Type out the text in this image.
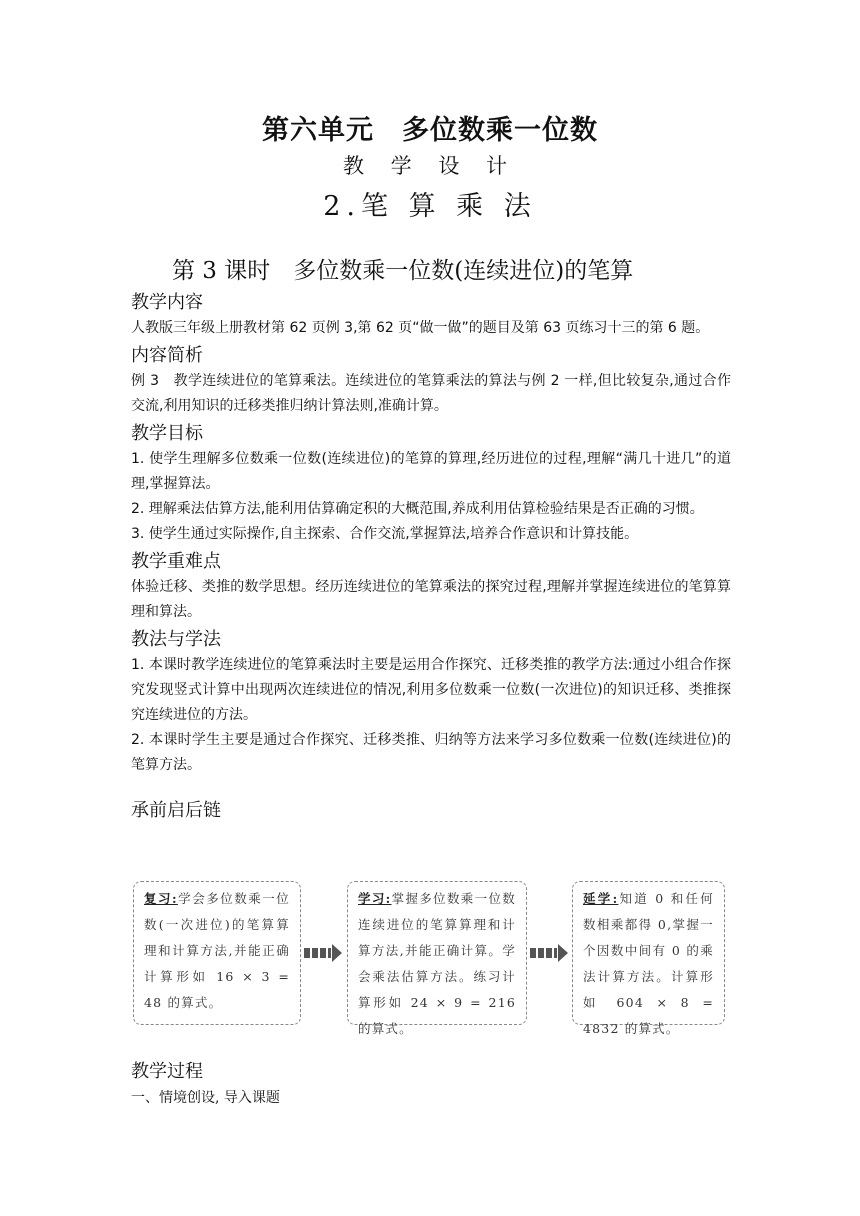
第六单元　多位数乘一位数
教 学 设 计
2.笔 算 乘 法
第 3 课时　多位数乘一位数(连续进位)的笔算
教学内容
人教版三年级上册教材第 62 页例 3,第 62 页“做一做”的题目及第 63 页练习十三的第 6 题。
内容简析
例 3　教学连续进位的笔算乘法。连续进位的笔算乘法的算法与例 2 一样,但比较复杂,通过合作交流,利用知识的迁移类推归纳计算法则,准确计算。
教学目标
1. 使学生理解多位数乘一位数(连续进位)的笔算的算理,经历进位的过程,理解“满几十进几”的道理,掌握算法。
2. 理解乘法估算方法,能利用估算确定积的大概范围,养成利用估算检验结果是否正确的习惯。
3. 使学生通过实际操作,自主探索、合作交流,掌握算法,培养合作意识和计算技能。
教学重难点
体验迁移、类推的数学思想。经历连续进位的笔算乘法的探究过程,理解并掌握连续进位的笔算算理和算法。
教法与学法
1. 本课时教学连续进位的笔算乘法时主要是运用合作探究、迁移类推的教学方法:通过小组合作探究发现竖式计算中出现两次连续进位的情况,利用多位数乘一位数(一次进位)的知识迁移、类推探究连续进位的方法。
2. 本课时学生主要是通过合作探究、迁移类推、归纳等方法来学习多位数乘一位数(连续进位)的笔算方法。
承前启后链
复习:学会多位数乘一位数(一次进位)的笔算算理和计算方法,并能正确计算形如 16 × 3 = 48 的算式。
学习:掌握多位数乘一位数连续进位的笔算算理和计算方法,并能正确计算。学会乘法估算方法。练习计算形如 24 × 9 = 216 的算式。
延学:知道 0 和任何数相乘都得 0,掌握一个因数中间有 0 的乘法计算方法。计算形如 604 × 8 = 4832 的算式。
教学过程
一、情境创设, 导入课题
